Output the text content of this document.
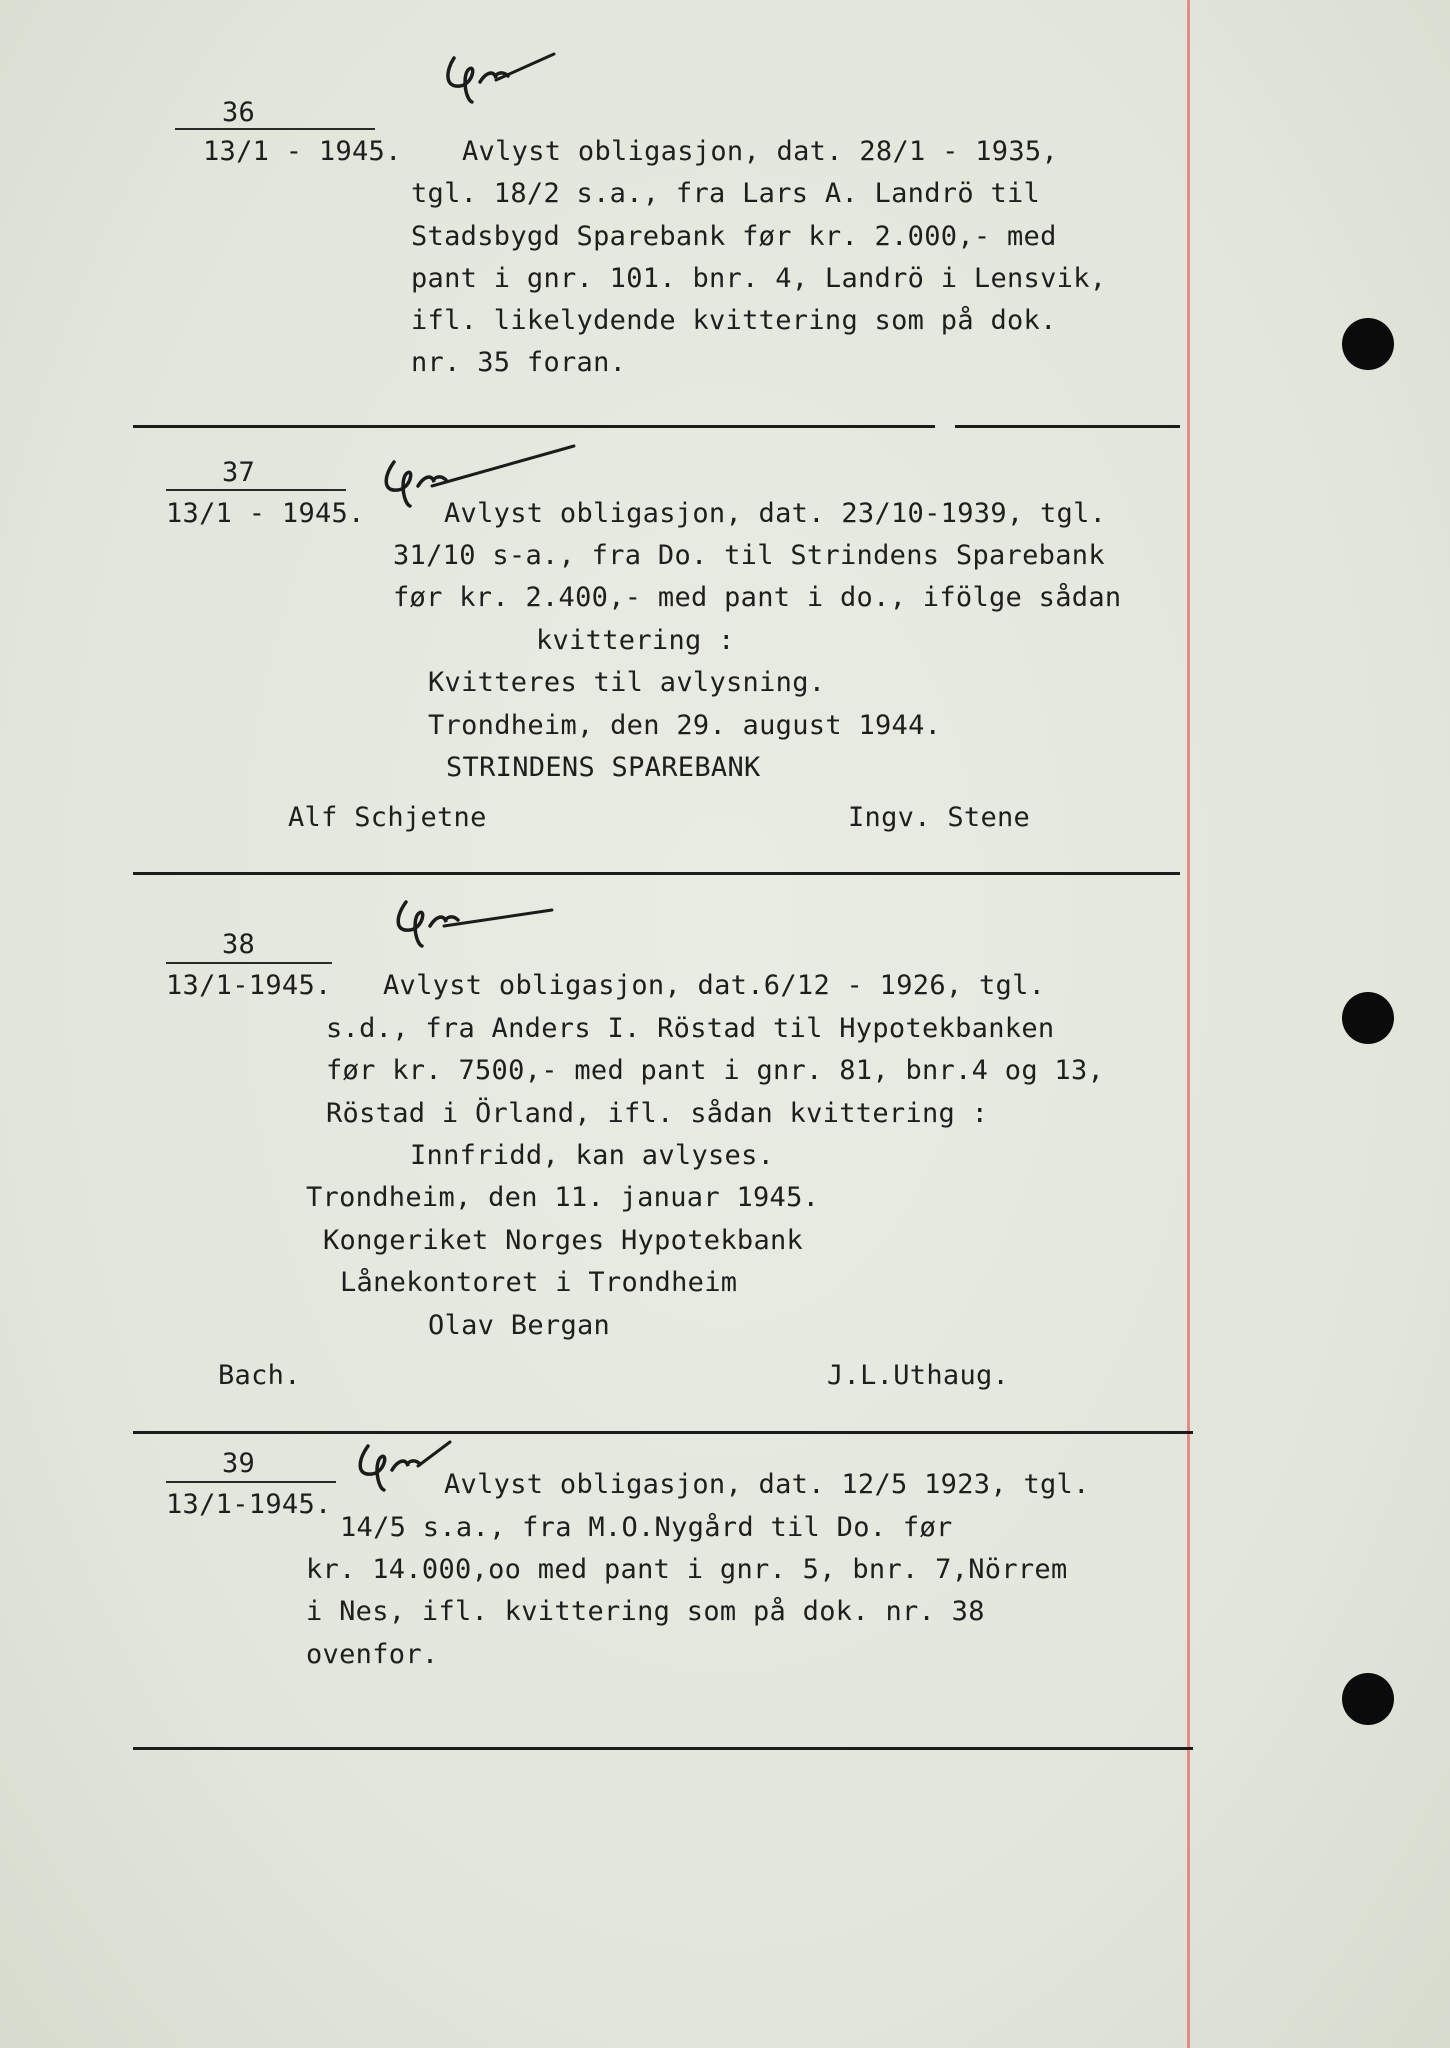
36
13/1 - 1945. Avlyst obligasjon, dat. 28/1 - 1935,
tgl. 18/2 s.a., fra Lars A. Landrö til
Stadsbygd Sparebank før kr. 2.000,- med
pant i gnr. 101. bnr. 4, Landrö i Lensvik,
ifl. likelydende kvittering som på dok.
nr. 35 foran.
37
13/1 - 1945.	Avlyst obligasjon, dat. 23/10-1939, tgl.
31/10 s-a., fra Do. til Strindens Sparebank
før kr. 2.400,- med pant i do., ifölge sådan
kvittering :
Kvitteres til avlysning.
Trondheim, den 29. august 1944.
STRINDENS SPAREBANK
Alf Schjetne	Ingv. Stene
38
13/1-1945. Avlyst obligasjon, dat.6/12 - 1926, tgl.
s.d., fra Anders I. Röstad til Hypotekbanken
før kr. 7500,- med pant i gnr. 81, bnr.4 og 13,
Röstad i Örland, ifl. sådan kvittering :
Innfridd, kan avlyses.
Trondheim, den 11. januar 1945.
Kongeriket Norges Hypotekbank
Lånekontoret i Trondheim
Olav Bergan
Bach.	J.L.Uthaug.
39
13/1-1945.
Avlyst obligasjon, dat. 12/5 1923, tgl.
14/5 s.a., fra M.O.Nygård til Do. før
kr. 14.000,oo med pant i gnr. 5, bnr. 7,Nörrem
i Nes, ifl. kvittering som på dok. nr. 38
ovenfor.
